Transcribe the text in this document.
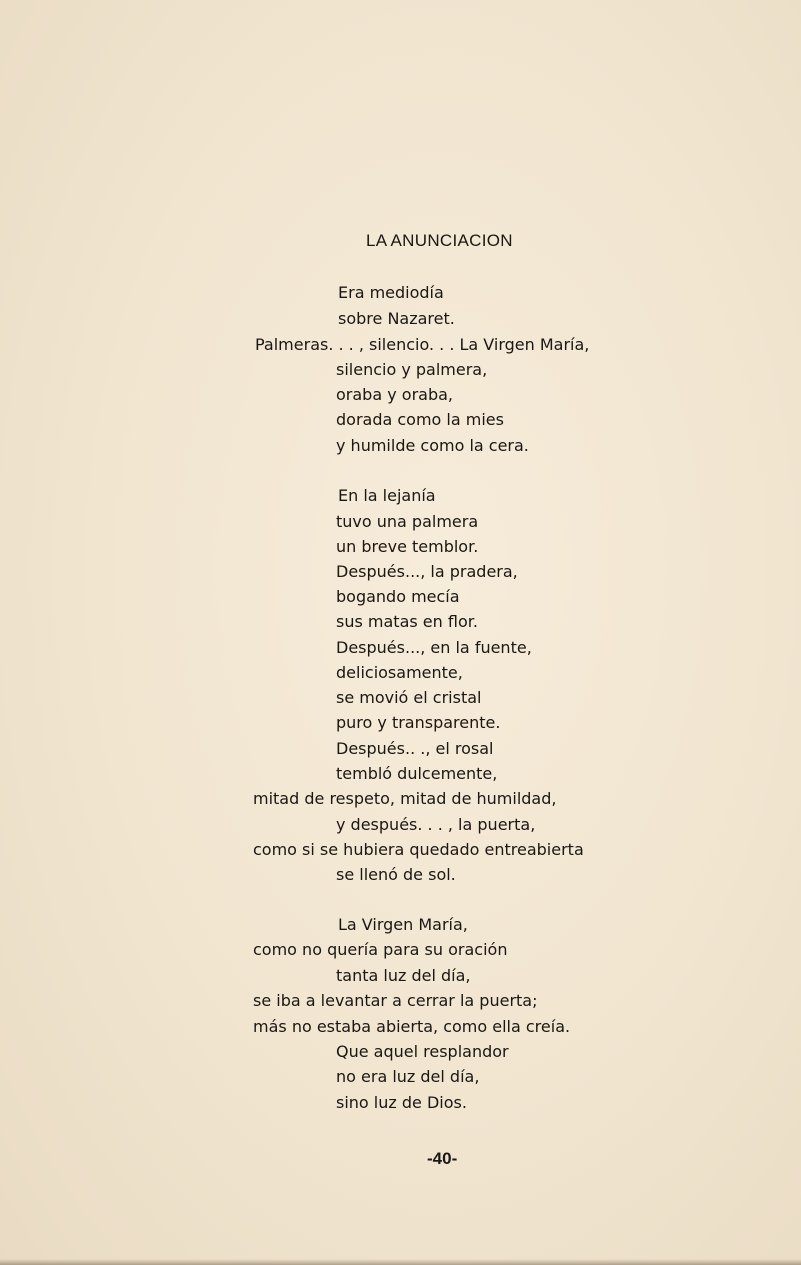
LA ANUNCIACION
Era mediodía
sobre Nazaret.
Palmeras. . . , silencio. . . La Virgen María,
silencio y palmera,
oraba y oraba,
dorada como la mies
y humilde como la cera.
En la lejanía
tuvo una palmera
un breve temblor.
Después..., la pradera,
bogando mecía
sus matas en flor.
Después..., en la fuente,
deliciosamente,
se movió el cristal
puro y transparente.
Después.. ., el rosal
tembló dulcemente,
mitad de respeto, mitad de humildad,
y después. . . , la puerta,
como si se hubiera quedado entreabierta
se llenó de sol.
La Virgen María,
como no quería para su oración
tanta luz del día,
se iba a levantar a cerrar la puerta;
más no estaba abierta, como ella creía.
Que aquel resplandor
no era luz del día,
sino luz de Dios.
-40-
